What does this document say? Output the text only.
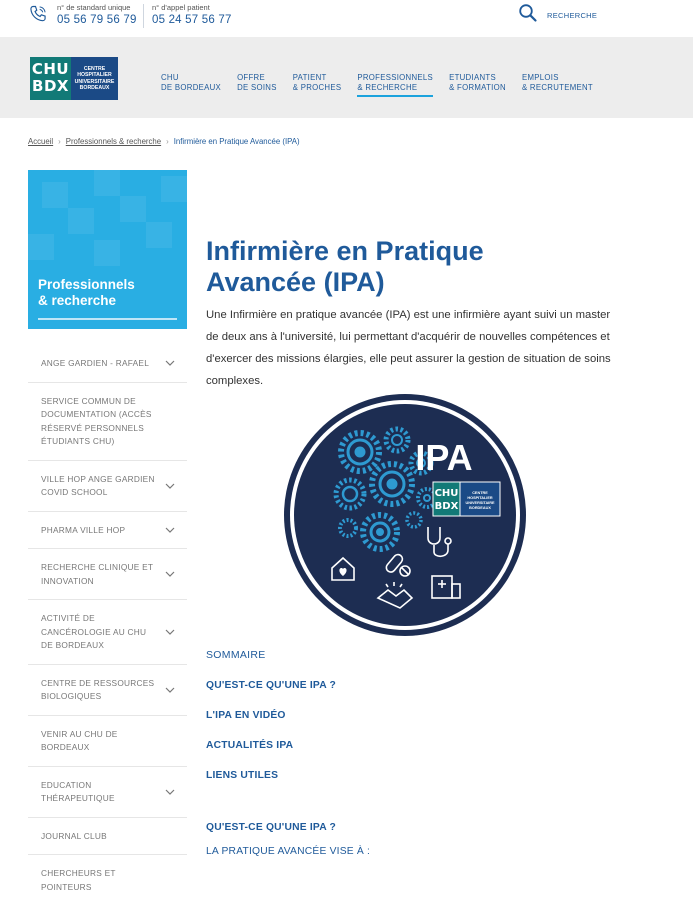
n° de standard unique
05 56 79 56 79
n° d'appel patient
05 24 57 56 77	RECHERCHE
CHU
BDX
CENTRE
HOSPITALIER
UNIVERSITAIRE
BORDEAUX
CHU
DE BORDEAUX
OFFRE
DE SOINS
PATIENT
& PROCHES
PROFESSIONNELS
& RECHERCHE
ETUDIANTS
& FORMATION
EMPLOIS
& RECRUTEMENT
Accueil › Professionnels & recherche › Infirmière en Pratique Avancée (IPA)
Professionnels
& recherche
ANGE GARDIEN - RAFAEL
SERVICE COMMUN DE DOCUMENTATION (ACCÈS RÉSERVÉ PERSONNELS ÉTUDIANTS CHU)
VILLE HOP ANGE GARDIEN COVID SCHOOL
PHARMA VILLE HOP
RECHERCHE CLINIQUE ET INNOVATION
ACTIVITÉ DE CANCÉROLOGIE AU CHU DE BORDEAUX
CENTRE DE RESSOURCES BIOLOGIQUES
VENIR AU CHU DE BORDEAUX
EDUCATION THÉRAPEUTIQUE
JOURNAL CLUB
CHERCHEURS ET POINTEURS
Infirmière en Pratique
Avancée (IPA)

Une Infirmière en pratique avancée (IPA) est une infirmière ayant suivi un master de deux ans à l'université, lui permettant d'acquérir de nouvelles compétences et d'exercer des missions élargies, elle peut assurer la gestion de situation de soins complexes.

IPA
CHU
BDX
CENTRE
HOSPITALIER
UNIVERSITAIRE
BORDEAUX
SOMMAIRE
QU'EST-CE QU'UNE IPA ?
L'IPA EN VIDÉO
ACTUALITÉS IPA
LIENS UTILES
QU'EST-CE QU'UNE IPA ?
LA PRATIQUE AVANCÉE VISE À :
